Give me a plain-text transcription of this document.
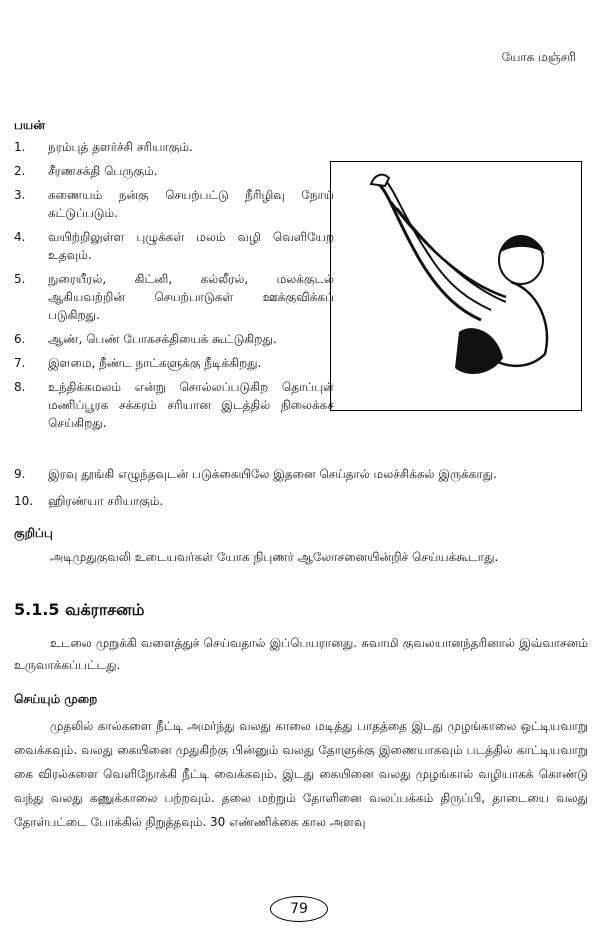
யோக மஞ்சரி
பயன்
1.	நரம்புத் தளர்ச்சி சரியாகும்.
2.	சீரணசக்தி பெருகும்.
3.	கணையம் நன்கு செயற்பட்டு நீரிழிவு நோய் கட்டுப்படும்.
4.	வயிற்றிலுள்ள புழுக்கள் மலம் வழி வெளியேற உதவும்.
5.	நுரையீரல், கிட்னி, கல்லீரல், மலக்குடல் ஆகியவற்றின் செயற்பாடுகள் ஊக்குவிக்கப் படுகிறது.
6.	ஆண், பெண் போகசக்தியைக் கூட்டுகிறது.
7.	இளமை, நீண்ட நாட்களுக்கு நீடிக்கிறது.
8.	உந்திக்கமலம் என்று சொல்லப்படுகிற தொப்புள் மணிப்பூரக சக்கரம் சரியான இடத்தில் நிலைக்கச் செய்கிறது.
9.	இரவு தூங்கி எழுந்தவுடன் படுக்கையிலே இதனை செய்தால் மலச்சிக்கல் இருக்காது.
10.	ஹிரண்யா சரியாகும்.
குறிப்பு

அடிமுதுகுவலி உடையவர்கள் யோக நிபுணர் ஆலோசனையின்றிச் செய்யக்கூடாது.

5.1.5 வக்ராசனம்

உடலை முறுக்கி வளைத்துச் செய்வதால் இப்பெயரானது. சுவாமி குவலயானந்தரினால் இவ்வாசனம் உருவாக்கப்பட்டது.

செய்யும் முறை

முதலில் கால்களை நீட்டி அமர்ந்து வலது காலை மடித்து பாதத்தை இடது முழங்காலை ஒட்டியவாறு வைக்கவும். வலது கையினை முதுகிற்கு பின்னும் வலது தோளுக்கு இணையாகவும் படத்தில் காட்டியவாறு கை விரல்களை வெளிநோக்கி நீட்டி வைக்கவும். இடது கையினை வலது முழங்கால் வழியாகக் கொண்டு வந்து வலது கணுக்காலை பற்றவும். தலை மற்றும் தோளினை வலப்பக்கம் திருப்பி, தாடையை வலது தோள்பட்டை போக்கில் நிறுத்தவும். 30 எண்ணிக்கை கால அளவு

79
